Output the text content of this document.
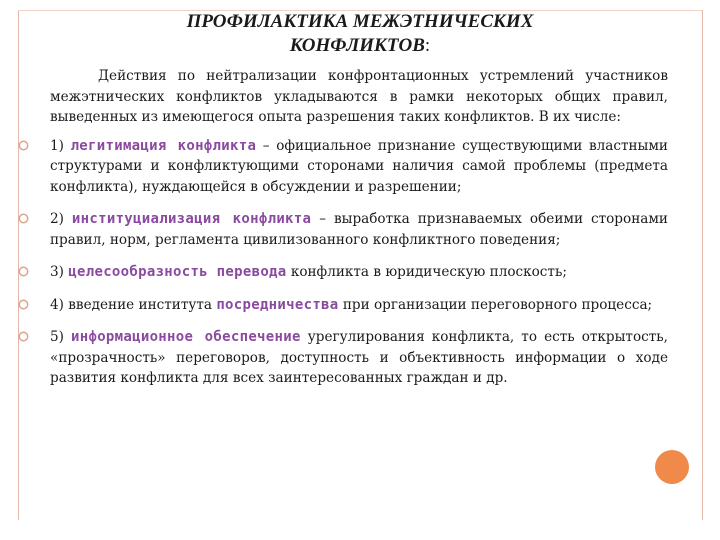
ПРОФИЛАКТИКА МЕЖЭТНИЧЕСКИХ
КОНФЛИКТОВ:

Действия по нейтрализации конфронтационных устремлений участников межэтнических конфликтов укладываются в рамки некоторых общих правил, выведенных из имеющегося опыта разрешения таких конфликтов. В их числе:

1) легитимация конфликта – официальное признание существующими властными структурами и конфликтующими сторонами наличия самой проблемы (предмета конфликта), нуждающейся в обсуждении и разрешении;
2) институциализация конфликта – выработка признаваемых обеими сторонами правил, норм, регламента цивилизованного конфликтного поведения;
3) целесообразность перевода конфликта в юридическую плоскость;
4) введение института посредничества при организации переговорного процесса;
5) информационное обеспечение урегулирования конфликта, то есть открытость, «прозрачность» переговоров, доступность и объективность информации о ходе развития конфликта для всех заинтересованных граждан и др.
